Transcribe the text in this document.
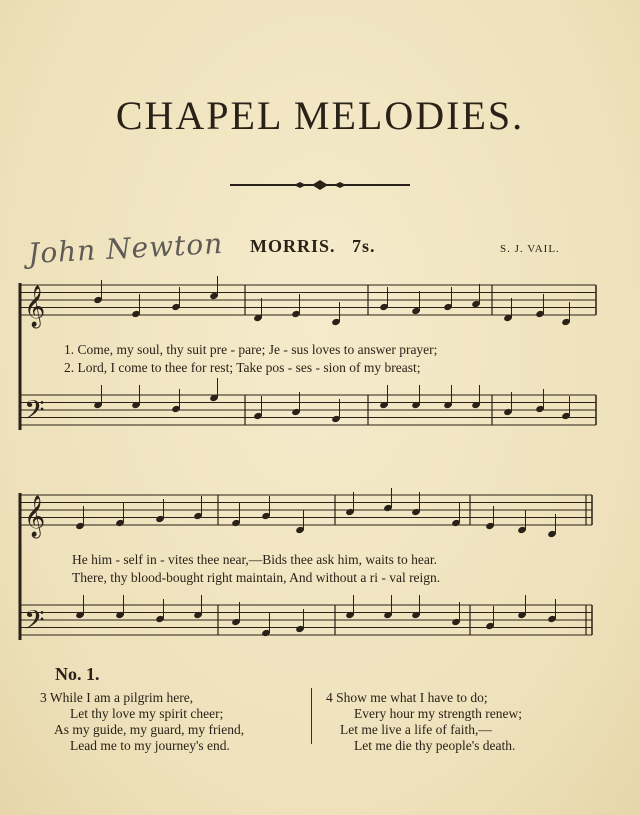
CHAPEL MELODIES.
John Newton MORRIS. 7s.	S. J. VAIL.
𝄞
𝄢
𝄞
𝄢
1. Come, my soul, thy suit pre - pare; Je - sus loves to answer prayer;
2. Lord, I come to thee for rest; Take pos - ses - sion of my breast;
He him - self in - vites thee near,—Bids thee ask him, waits to hear.
There, thy blood-bought right maintain, And without a ri - val reign.
No. 1.
3 While I am a pilgrim here,
Let thy love my spirit cheer;
As my guide, my guard, my friend,
Lead me to my journey's end.
4 Show me what I have to do;
Every hour my strength renew;
Let me live a life of faith,—
Let me die thy people's death.
